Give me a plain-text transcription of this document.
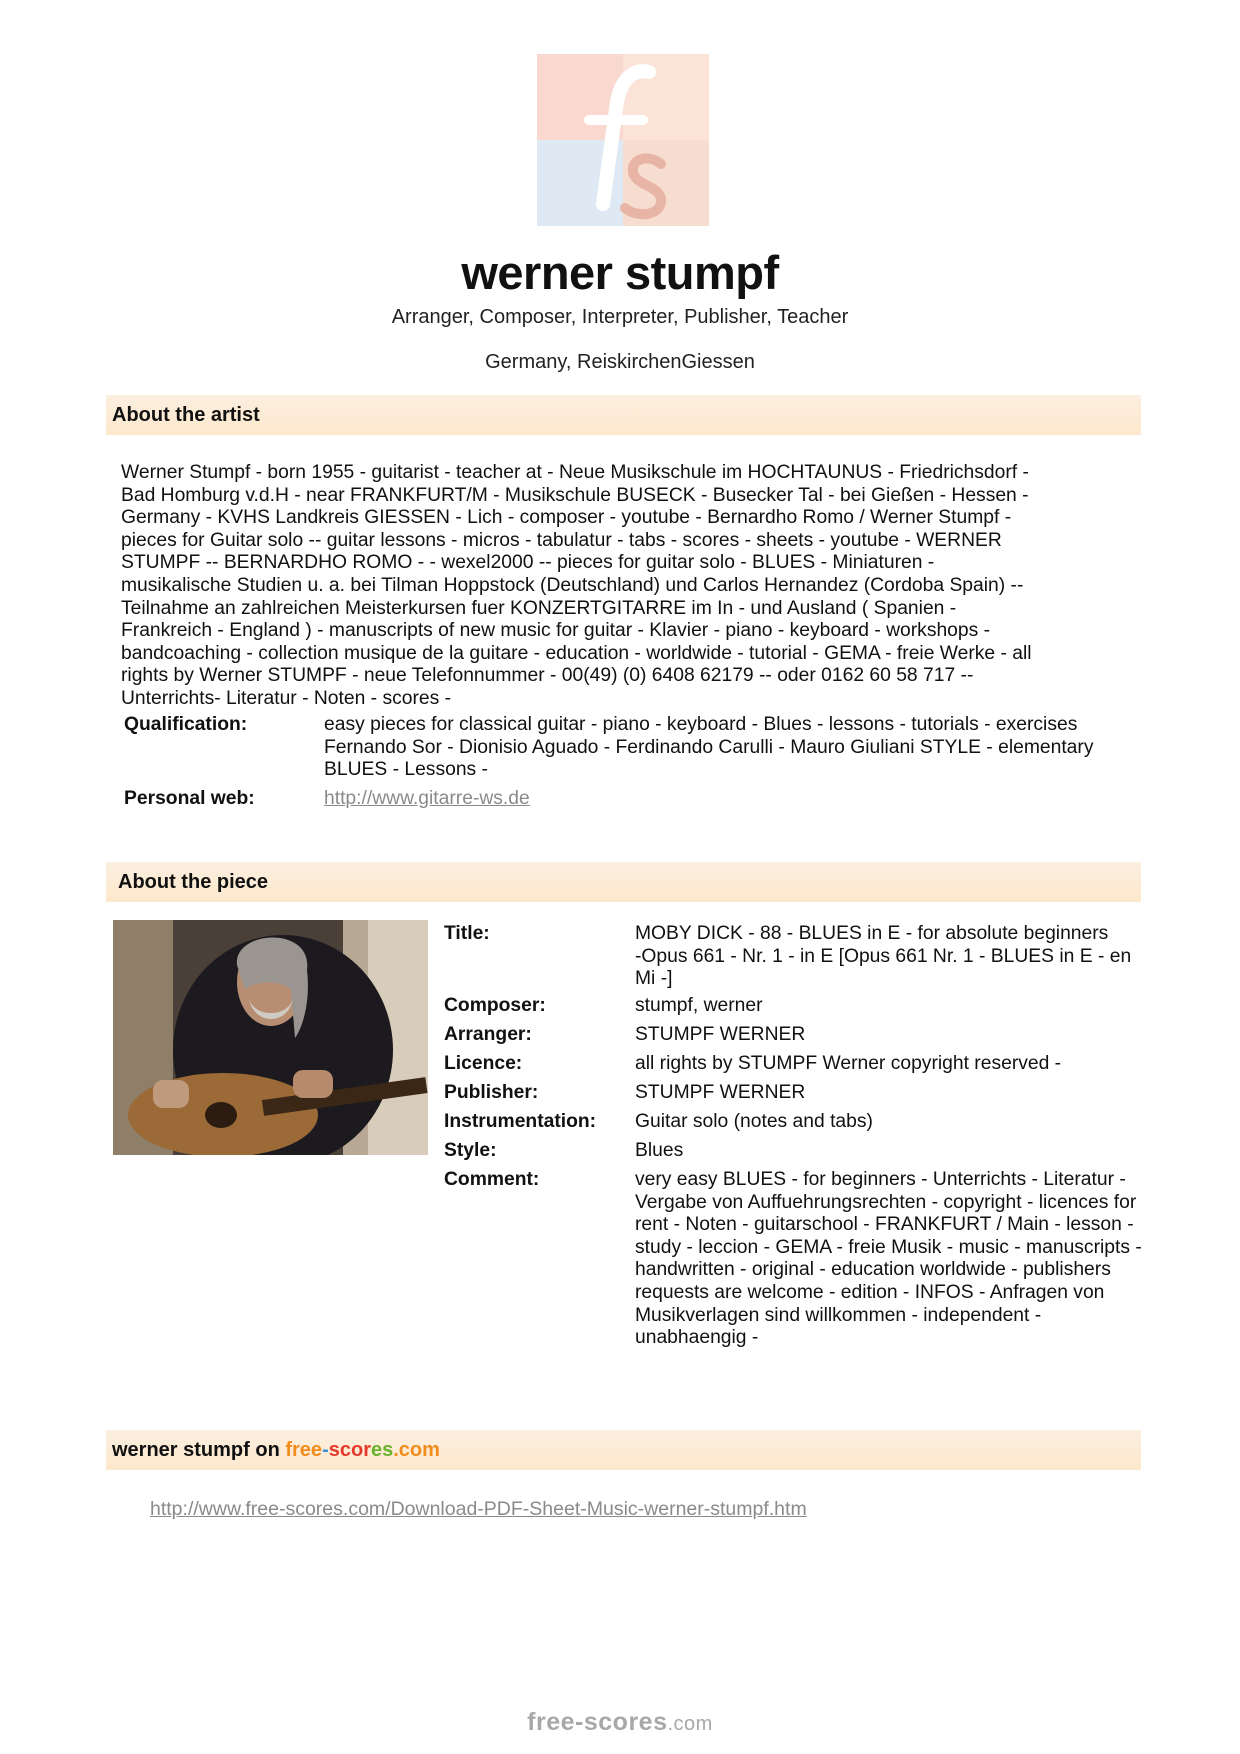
werner stumpf
Arranger, Composer, Interpreter, Publisher, Teacher
Germany, ReiskirchenGiessen
About the artist
Werner Stumpf - born 1955 - guitarist - teacher at - Neue Musikschule im HOCHTAUNUS - Friedrichsdorf -
Bad Homburg v.d.H - near FRANKFURT/M - Musikschule BUSECK - Busecker Tal - bei Gießen - Hessen -
Germany - KVHS Landkreis GIESSEN - Lich - composer - youtube - Bernardho Romo / Werner Stumpf -
pieces for Guitar solo -- guitar lessons - micros - tabulatur - tabs - scores - sheets - youtube - WERNER
STUMPF -- BERNARDHO ROMO - - wexel2000 -- pieces for guitar solo - BLUES - Miniaturen -
musikalische Studien u. a. bei Tilman Hoppstock (Deutschland) und Carlos Hernandez (Cordoba Spain) --
Teilnahme an zahlreichen Meisterkursen fuer KONZERTGITARRE im In - und Ausland ( Spanien -
Frankreich - England ) - manuscripts of new music for guitar - Klavier - piano - keyboard - workshops -
bandcoaching - collection musique de la guitare - education - worldwide - tutorial - GEMA - freie Werke - all
rights by Werner STUMPF - neue Telefonnummer - 00(49) (0) 6408 62179 -- oder 0162 60 58 717 --
Unterrichts- Literatur - Noten - scores -
Qualification:	easy pieces for classical guitar - piano - keyboard - Blues - lessons - tutorials - exercises
Fernando Sor - Dionisio Aguado - Ferdinando Carulli - Mauro Giuliani STYLE - elementary
BLUES - Lessons -
Personal web:	http://www.gitarre-ws.de
About the piece
Title:	MOBY DICK - 88 - BLUES in E - for absolute beginners
-Opus 661 - Nr. 1 - in E [Opus 661 Nr. 1 - BLUES in E - en
Mi -]
Composer:	stumpf, werner
Arranger:	STUMPF WERNER
Licence:	all rights by STUMPF Werner copyright reserved -
Publisher:	STUMPF WERNER
Instrumentation: Guitar solo (notes and tabs)
Style:	Blues
Comment:	very easy BLUES - for beginners - Unterrichts - Literatur -
Vergabe von Auffuehrungsrechten - copyright - licences for
rent - Noten - guitarschool - FRANKFURT / Main - lesson -
study - leccion - GEMA - freie Musik - music - manuscripts -
handwritten - original - education worldwide - publishers
requests are welcome - edition - INFOS - Anfragen von
Musikverlagen sind willkommen - independent -
unabhaengig -
werner stumpf on free-scores.com
http://www.free-scores.com/Download-PDF-Sheet-Music-werner-stumpf.htm
free-scores.com
